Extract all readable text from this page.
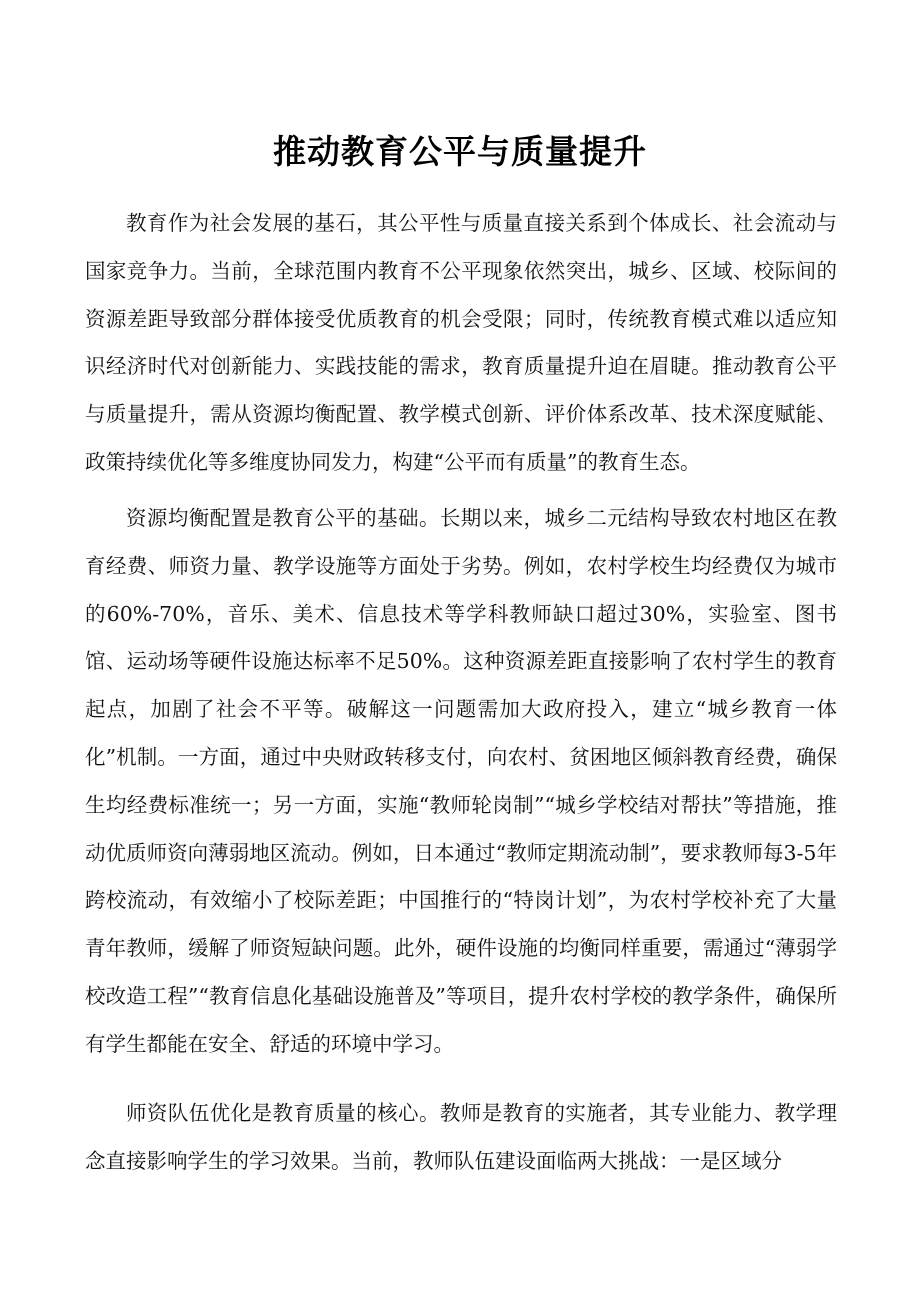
推动教育公平与质量提升

教育作为社会发展的基石，其公平性与质量直接关系到个体成长、社会流动与国家竞争力。当前，全球范围内教育不公平现象依然突出，城乡、区域、校际间的资源差距导致部分群体接受优质教育的机会受限；同时，传统教育模式难以适应知识经济时代对创新能力、实践技能的需求，教育质量提升迫在眉睫。推动教育公平与质量提升，需从资源均衡配置、教学模式创新、评价体系改革、技术深度赋能、政策持续优化等多维度协同发力，构建“公平而有质量”的教育生态。

资源均衡配置是教育公平的基础。长期以来，城乡二元结构导致农村地区在教育经费、师资力量、教学设施等方面处于劣势。例如，农村学校生均经费仅为城市的60%-70%，音乐、美术、信息技术等学科教师缺口超过30%，实验室、图书馆、运动场等硬件设施达标率不足50%。这种资源差距直接影响了农村学生的教育起点，加剧了社会不平等。破解这一问题需加大政府投入，建立“城乡教育一体化”机制。一方面，通过中央财政转移支付，向农村、贫困地区倾斜教育经费，确保生均经费标准统一；另一方面，实施“教师轮岗制”“城乡学校结对帮扶”等措施，推动优质师资向薄弱地区流动。例如，日本通过“教师定期流动制”，要求教师每3-5年跨校流动，有效缩小了校际差距；中国推行的“特岗计划”，为农村学校补充了大量青年教师，缓解了师资短缺问题。此外，硬件设施的均衡同样重要，需通过“薄弱学校改造工程”“教育信息化基础设施普及”等项目，提升农村学校的教学条件，确保所有学生都能在安全、舒适的环境中学习。

师资队伍优化是教育质量的核心。教师是教育的实施者，其专业能力、教学理念直接影响学生的学习效果。当前，教师队伍建设面临两大挑战：一是区域分
